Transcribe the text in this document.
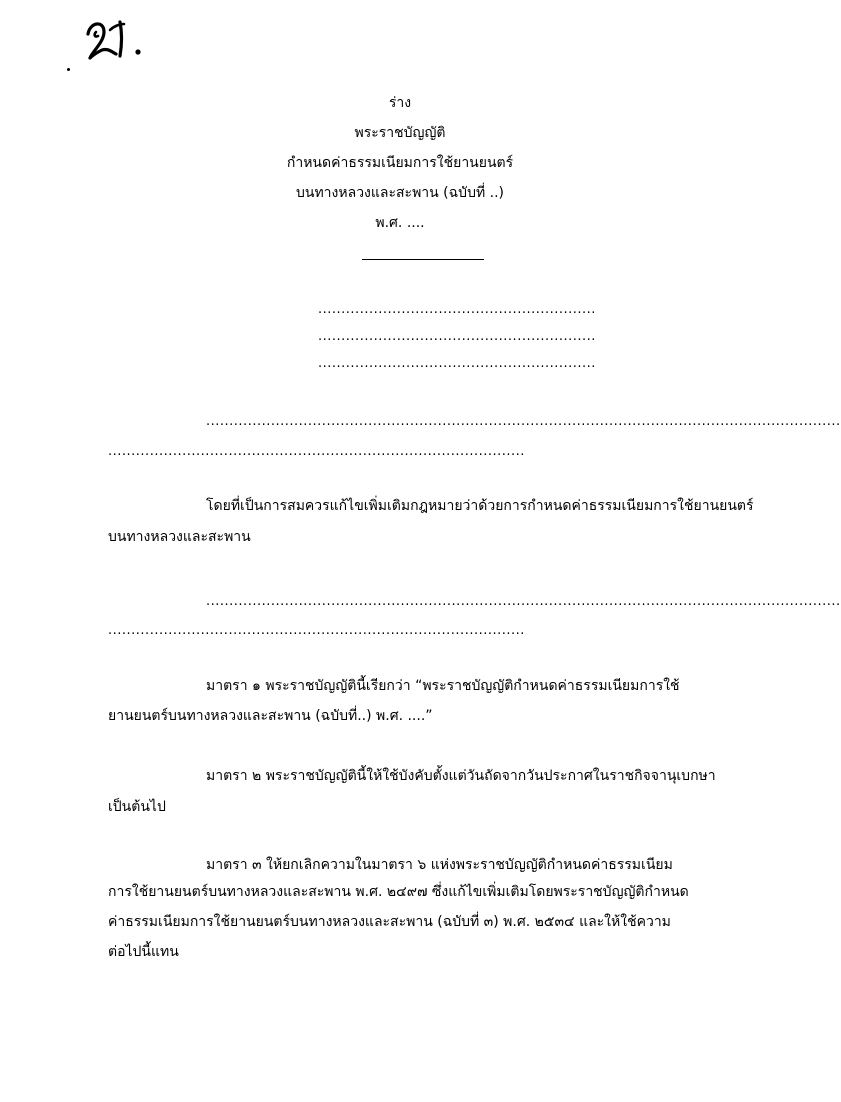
ร่าง
พระราชบัญญัติ
กำหนดค่าธรรมเนียมการใช้ยานยนตร์
บนทางหลวงและสะพาน (ฉบับที่ ..)
พ.ศ. ....
............................................................
............................................................
............................................................
.........................................................................................................................................
..........................................................................................
โดยที่เป็นการสมควรแก้ไขเพิ่มเติมกฎหมายว่าด้วยการกำหนดค่าธรรมเนียมการใช้ยานยนตร์
บนทางหลวงและสะพาน
.........................................................................................................................................
..........................................................................................
มาตรา ๑ พระราชบัญญัตินี้เรียกว่า “พระราชบัญญัติกำหนดค่าธรรมเนียมการใช้
ยานยนตร์บนทางหลวงและสะพาน (ฉบับที่..) พ.ศ. ....”
มาตรา ๒ พระราชบัญญัตินี้ให้ใช้บังคับตั้งแต่วันถัดจากวันประกาศในราชกิจจานุเบกษา
เป็นต้นไป
มาตรา ๓ ให้ยกเลิกความในมาตรา ๖ แห่งพระราชบัญญัติกำหนดค่าธรรมเนียม
การใช้ยานยนตร์บนทางหลวงและสะพาน พ.ศ. ๒๔๙๗ ซึ่งแก้ไขเพิ่มเติมโดยพระราชบัญญัติกำหนด
ค่าธรรมเนียมการใช้ยานยนตร์บนทางหลวงและสะพาน (ฉบับที่ ๓) พ.ศ. ๒๕๓๔ และให้ใช้ความ
ต่อไปนี้แทน
